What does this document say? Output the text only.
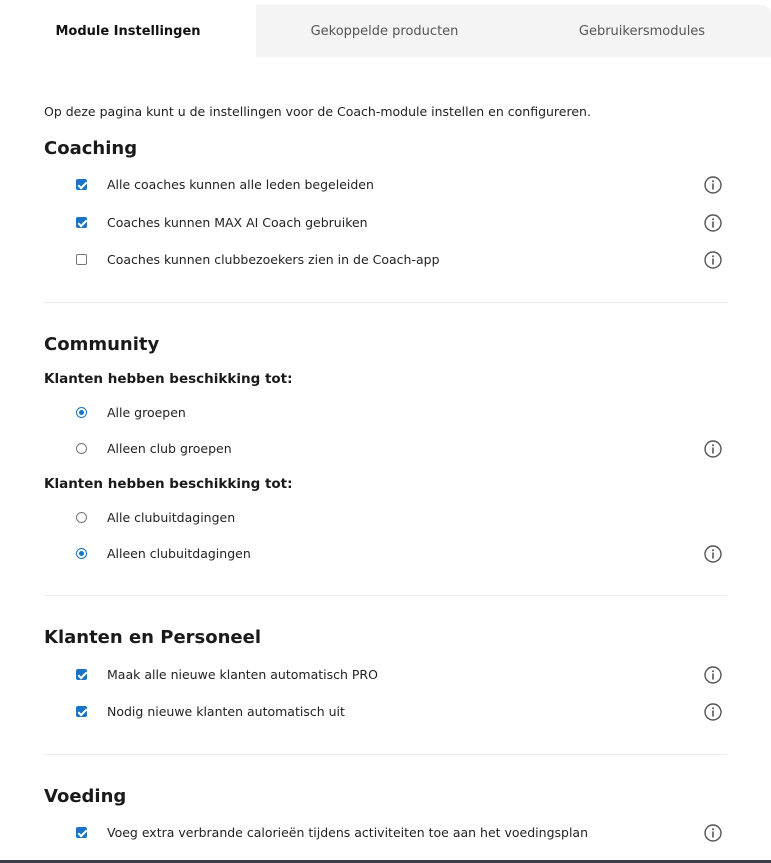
Module Instellingen	Gekoppelde producten	Gebruikersmodules
Op deze pagina kunt u de instellingen voor de Coach-module instellen en configureren.
Coaching
Alle coaches kunnen alle leden begeleiden
Coaches kunnen MAX AI Coach gebruiken
Coaches kunnen clubbezoekers zien in de Coach-app
Community
Klanten hebben beschikking tot:
Alle groepen
Alleen club groepen
Klanten hebben beschikking tot:
Alle clubuitdagingen
Alleen clubuitdagingen
Klanten en Personeel
Maak alle nieuwe klanten automatisch PRO
Nodig nieuwe klanten automatisch uit
Voeding
Voeg extra verbrande calorieën tijdens activiteiten toe aan het voedingsplan
